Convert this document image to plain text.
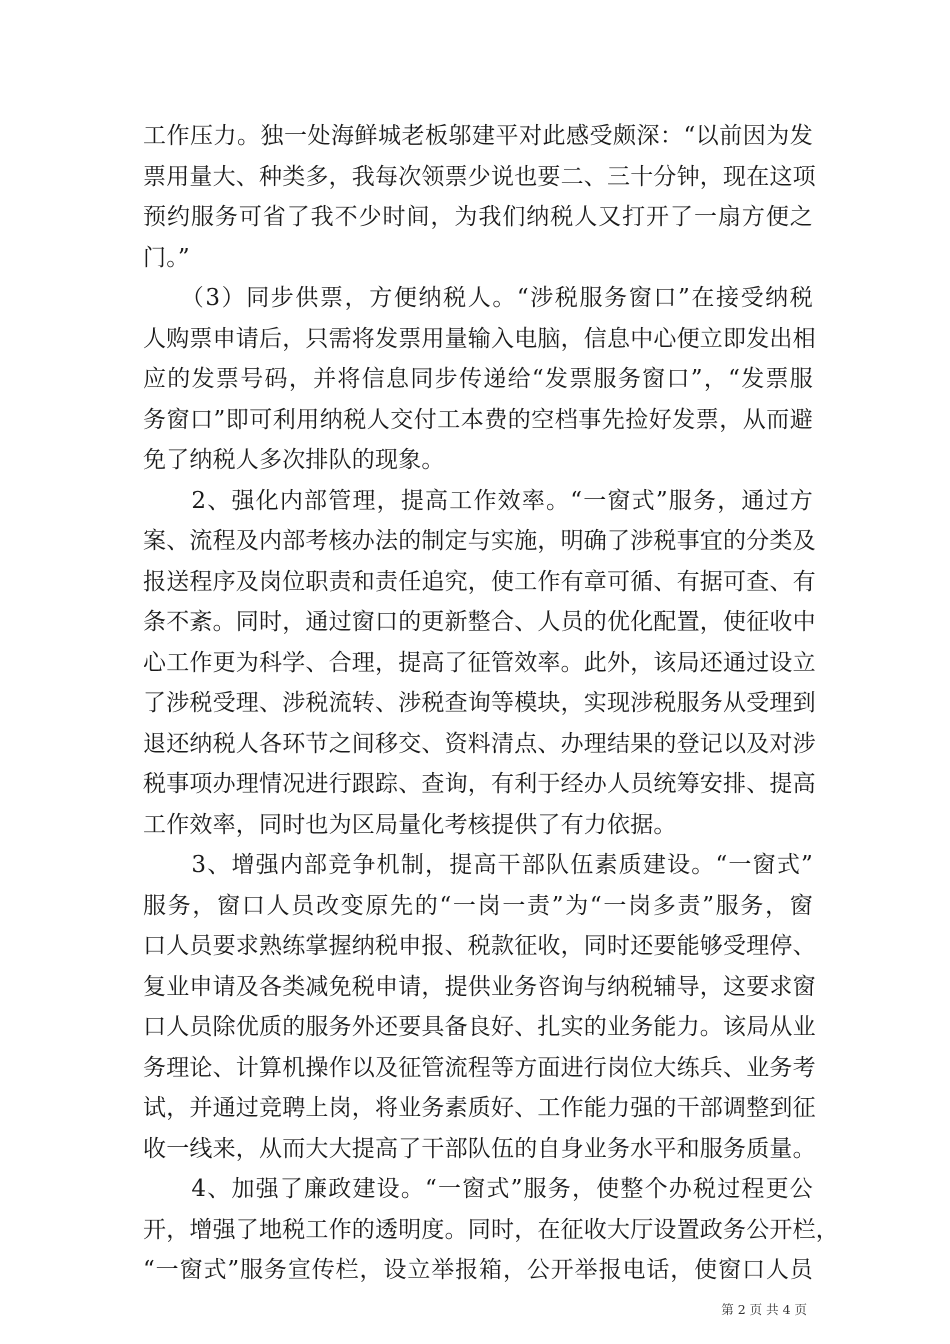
工作压力。独一处海鲜城老板邬建平对此感受颇深：“以前因为发
票用量大、种类多，我每次领票少说也要二、三十分钟，现在这项
预约服务可省了我不少时间，为我们纳税人又打开了一扇方便之
门。”
　　（3）同步供票，方便纳税人。“涉税服务窗口”在接受纳税
人购票申请后，只需将发票用量输入电脑，信息中心便立即发出相
应的发票号码，并将信息同步传递给“发票服务窗口”，“发票服
务窗口”即可利用纳税人交付工本费的空档事先捡好发票，从而避
免了纳税人多次排队的现象。
　　2、强化内部管理，提高工作效率。“一窗式”服务，通过方
案、流程及内部考核办法的制定与实施，明确了涉税事宜的分类及
报送程序及岗位职责和责任追究，使工作有章可循、有据可查、有
条不紊。同时，通过窗口的更新整合、人员的优化配置，使征收中
心工作更为科学、合理，提高了征管效率。此外，该局还通过设立
了涉税受理、涉税流转、涉税查询等模块，实现涉税服务从受理到
退还纳税人各环节之间移交、资料清点、办理结果的登记以及对涉
税事项办理情况进行跟踪、查询，有利于经办人员统筹安排、提高
工作效率，同时也为区局量化考核提供了有力依据。
　　3、增强内部竞争机制，提高干部队伍素质建设。“一窗式”
服务，窗口人员改变原先的“一岗一责”为“一岗多责”服务，窗
口人员要求熟练掌握纳税申报、税款征收，同时还要能够受理停、
复业申请及各类减免税申请，提供业务咨询与纳税辅导，这要求窗
口人员除优质的服务外还要具备良好、扎实的业务能力。该局从业
务理论、计算机操作以及征管流程等方面进行岗位大练兵、业务考
试，并通过竞聘上岗，将业务素质好、工作能力强的干部调整到征
收一线来，从而大大提高了干部队伍的自身业务水平和服务质量。
　　4、加强了廉政建设。“一窗式”服务，使整个办税过程更公
开，增强了地税工作的透明度。同时，在征收大厅设置政务公开栏，
“一窗式”服务宣传栏，设立举报箱，公开举报电话，使窗口人员
第 2 页 共 4 页
